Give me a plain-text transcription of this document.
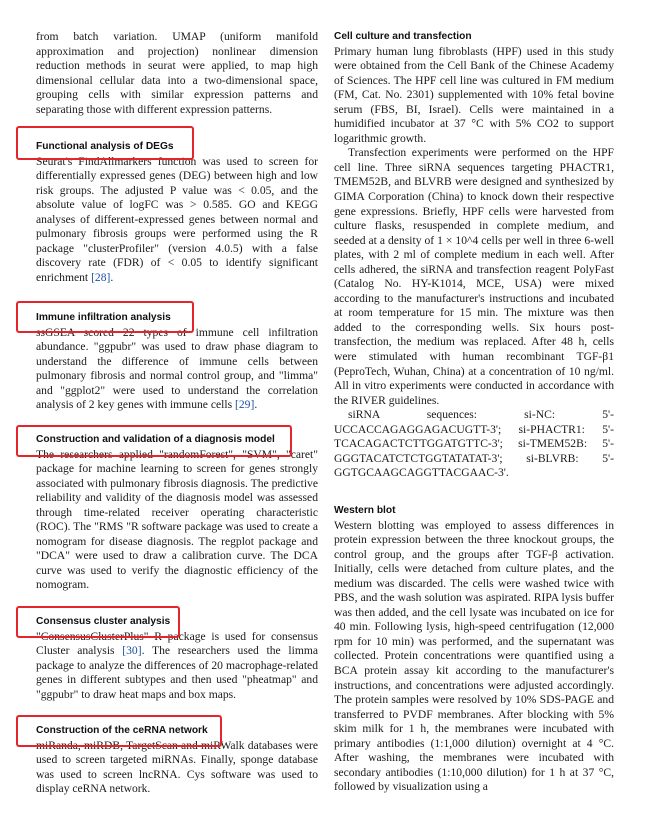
from batch variation. UMAP (uniform manifold approximation and projection) nonlinear dimension reduction methods in seurat were applied, to map high dimensional cellular data into a two-dimensional space, grouping cells with similar expression patterns and separating those with different expression patterns.

Functional analysis of DEGs

Seurat's FindAllmarkers function was used to screen for differentially expressed genes (DEG) between high and low risk groups. The adjusted P value was < 0.05, and the absolute value of logFC was > 0.585. GO and KEGG analyses of different-expressed genes between normal and pulmonary fibrosis groups were performed using the R package "clusterProfiler" (version 4.0.5) with a false discovery rate (FDR) of < 0.05 to identify significant enrichment [28].

Immune infiltration analysis

ssGSEA scored 22 types of immune cell infiltration abundance. "ggpubr" was used to draw phase diagram to understand the difference of immune cells between pulmonary fibrosis and normal control group, and "limma" and "ggplot2" were used to understand the correlation analysis of 2 key genes with immune cells [29].

Construction and validation of a diagnosis model

The researchers applied "randomForest", "SVM", "caret" package for machine learning to screen for genes strongly associated with pulmonary fibrosis diagnosis. The predictive reliability and validity of the diagnosis model was assessed through time-related receiver operating characteristic (ROC). The "RMS "R software package was used to create a nomogram for disease diagnosis. The regplot package and "DCA" were used to draw a calibration curve. The DCA curve was used to verify the diagnostic efficiency of the nomogram.

Consensus cluster analysis

"ConsensusClusterPlus" R package is used for consensus Cluster analysis [30]. The researchers used the limma package to analyze the differences of 20 macrophage-related genes in different subtypes and then used "pheatmap" and "ggpubr" to draw heat maps and box maps.

Construction of the ceRNA network

miRanda, miRDB, TargetScan and miRWalk databases were used to screen targeted miRNAs. Finally, sponge database was used to screen lncRNA. Cys software was used to display ceRNA network.

Cell culture and transfection

Primary human lung fibroblasts (HPF) used in this study were obtained from the Cell Bank of the Chinese Academy of Sciences. The HPF cell line was cultured in FM medium (FM, Cat. No. 2301) supplemented with 10% fetal bovine serum (FBS, BI, Israel). Cells were maintained in a humidified incubator at 37 °C with 5% CO2 to support logarithmic growth.

Transfection experiments were performed on the HPF cell line. Three siRNA sequences targeting PHACTR1, TMEM52B, and BLVRB were designed and synthesized by GIMA Corporation (China) to knock down their respective gene expressions. Briefly, HPF cells were harvested from culture flasks, resuspended in complete medium, and seeded at a density of 1 × 10^4 cells per well in three 6-well plates, with 2 ml of complete medium in each well. After cells adhered, the siRNA and transfection reagent PolyFast (Catalog No. HY-K1014, MCE, USA) were mixed according to the manufacturer's instructions and incubated at room temperature for 15 min. The mixture was then added to the corresponding wells. Six hours post-transfection, the medium was replaced. After 48 h, cells were stimulated with human recombinant TGF-β1 (PeproTech, Wuhan, China) at a concentration of 10 ng/ml. All in vitro experiments were conducted in accordance with the RIVER guidelines.

siRNA sequences: si-NC: 5'-UCCACCAGAGGAGACUGTT-3'; si-PHACTR1: 5'-TCACAGACTCTTGGATGTTC-3'; si-TMEM52B: 5'-GGGTACATCTCTGGTATATAT-3'; si-BLVRB: 5'-GGTGCAAGCAGGTTACGAAC-3'.

Western blot

Western blotting was employed to assess differences in protein expression between the three knockout groups, the control group, and the groups after TGF-β activation. Initially, cells were detached from culture plates, and the medium was discarded. The cells were washed twice with PBS, and the wash solution was aspirated. RIPA lysis buffer was then added, and the cell lysate was incubated on ice for 40 min. Following lysis, high-speed centrifugation (12,000 rpm for 10 min) was performed, and the supernatant was collected. Protein concentrations were quantified using a BCA protein assay kit according to the manufacturer's instructions, and concentrations were adjusted accordingly. The protein samples were resolved by 10% SDS-PAGE and transferred to PVDF membranes. After blocking with 5% skim milk for 1 h, the membranes were incubated with primary antibodies (1:1,000 dilution) overnight at 4 °C. After washing, the membranes were incubated with secondary antibodies (1:10,000 dilution) for 1 h at 37 °C, followed by visualization using a
